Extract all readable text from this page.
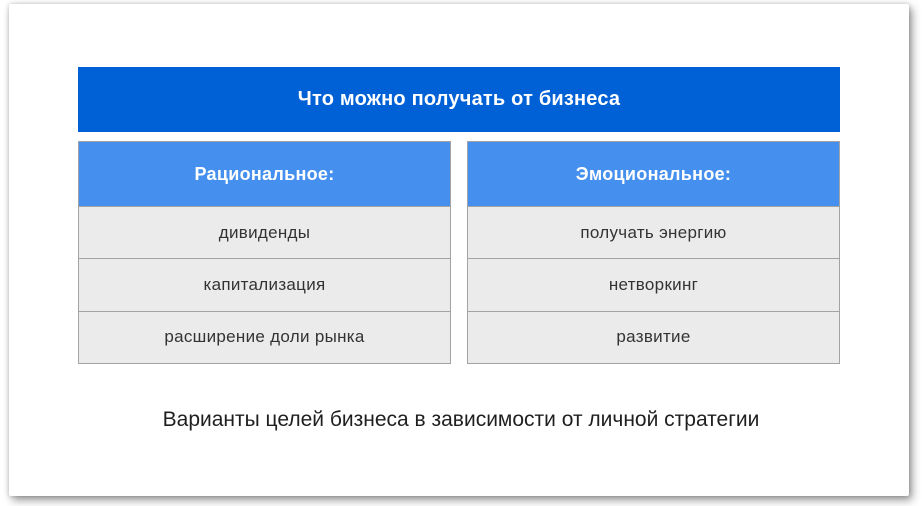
Что можно получать от бизнеса
Рациональное:
дивиденды
капитализация
расширение доли рынка
Эмоциональное:
получать энергию
нетворкинг
развитие
Варианты целей бизнеса в зависимости от личной стратегии
